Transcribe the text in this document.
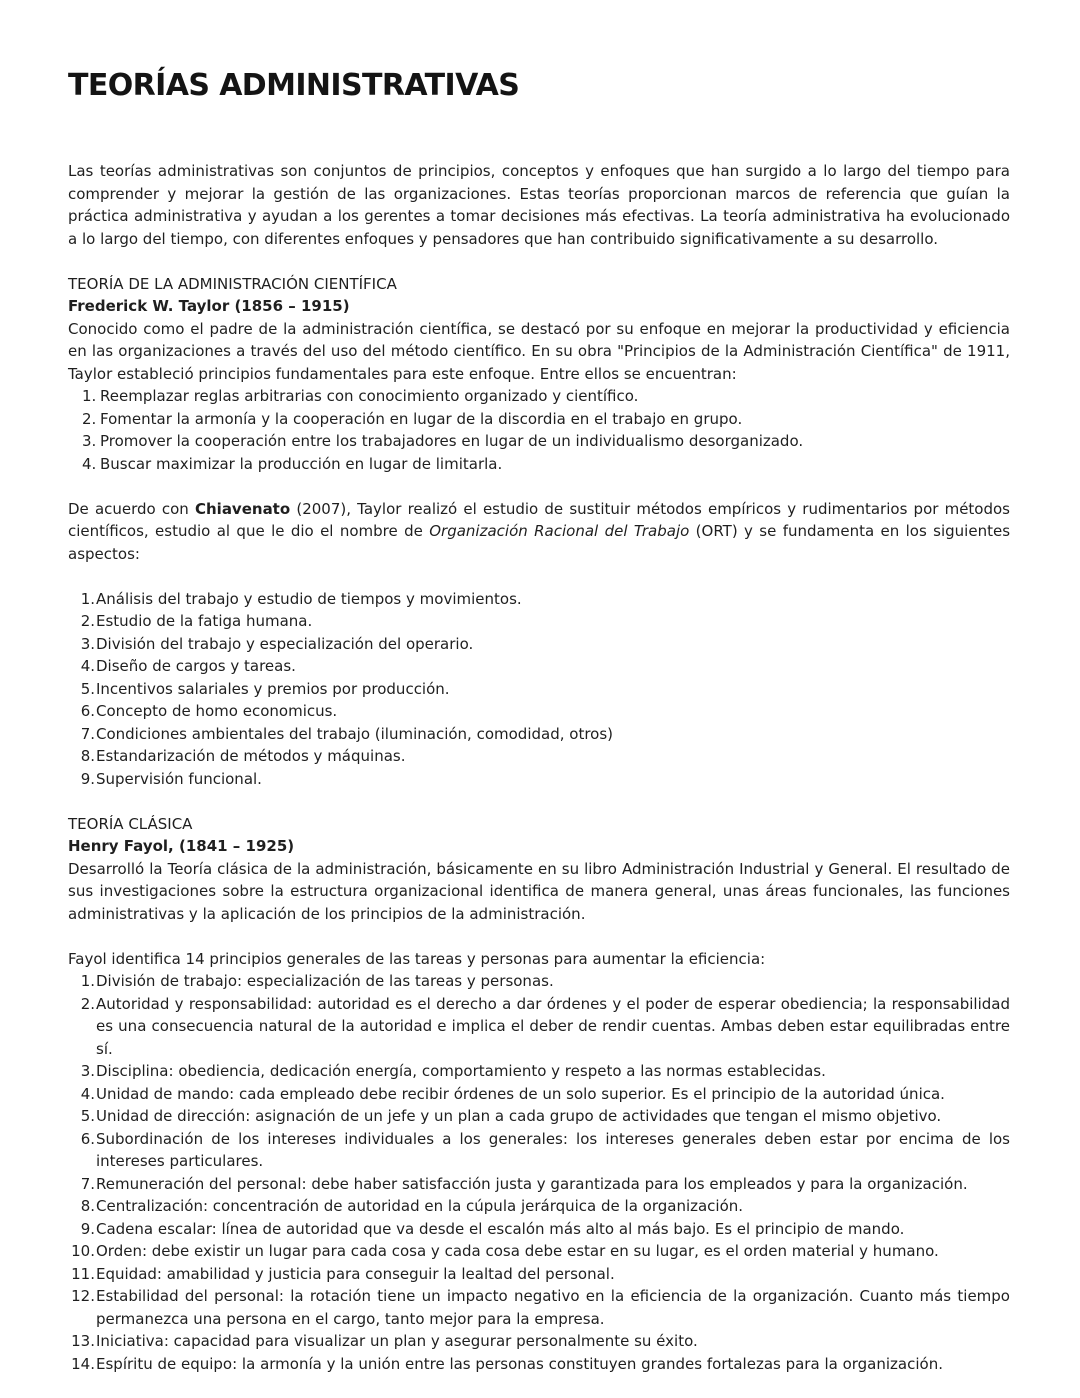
TEORÍAS ADMINISTRATIVAS

Las teorías administrativas son conjuntos de principios, conceptos y enfoques que han surgido a lo largo del tiempo para comprender y mejorar la gestión de las organizaciones. Estas teorías proporcionan marcos de referencia que guían la práctica administrativa y ayudan a los gerentes a tomar decisiones más efectivas. La teoría administrativa ha evolucionado a lo largo del tiempo, con diferentes enfoques y pensadores que han contribuido significativamente a su desarrollo.

TEORÍA DE LA ADMINISTRACIÓN CIENTÍFICA
Frederick W. Taylor (1856 – 1915)

Conocido como el padre de la administración científica, se destacó por su enfoque en mejorar la productividad y eficiencia en las organizaciones a través del uso del método científico. En su obra "Principios de la Administración Científica" de 1911, Taylor estableció principios fundamentales para este enfoque. Entre ellos se encuentran:

1. Reemplazar reglas arbitrarias con conocimiento organizado y científico.
2. Fomentar la armonía y la cooperación en lugar de la discordia en el trabajo en grupo.
3. Promover la cooperación entre los trabajadores en lugar de un individualismo desorganizado.
4. Buscar maximizar la producción en lugar de limitarla.

De acuerdo con Chiavenato (2007), Taylor realizó el estudio de sustituir métodos empíricos y rudimentarios por métodos científicos, estudio al que le dio el nombre de Organización Racional del Trabajo (ORT) y se fundamenta en los siguientes aspectos:

1. Análisis del trabajo y estudio de tiempos y movimientos.
2. Estudio de la fatiga humana.
3. División del trabajo y especialización del operario.
4. Diseño de cargos y tareas.
5. Incentivos salariales y premios por producción.
6. Concepto de homo economicus.
7. Condiciones ambientales del trabajo (iluminación, comodidad, otros)
8. Estandarización de métodos y máquinas.
9. Supervisión funcional.
TEORÍA CLÁSICA
Henry Fayol, (1841 – 1925)

Desarrolló la Teoría clásica de la administración, básicamente en su libro Administración Industrial y General. El resultado de sus investigaciones sobre la estructura organizacional identifica de manera general, unas áreas funcionales, las funciones administrativas y la aplicación de los principios de la administración.

Fayol identifica 14 principios generales de las tareas y personas para aumentar la eficiencia:

1. División de trabajo: especialización de las tareas y personas.
2. Autoridad y responsabilidad: autoridad es el derecho a dar órdenes y el poder de esperar obediencia; la responsabilidad es una consecuencia natural de la autoridad e implica el deber de rendir cuentas. Ambas deben estar equilibradas entre sí.
3. Disciplina: obediencia, dedicación energía, comportamiento y respeto a las normas establecidas.
4. Unidad de mando: cada empleado debe recibir órdenes de un solo superior. Es el principio de la autoridad única.
5. Unidad de dirección: asignación de un jefe y un plan a cada grupo de actividades que tengan el mismo objetivo.
6. Subordinación de los intereses individuales a los generales: los intereses generales deben estar por encima de los intereses particulares.
7. Remuneración del personal: debe haber satisfacción justa y garantizada para los empleados y para la organización.
8. Centralización: concentración de autoridad en la cúpula jerárquica de la organización.
9. Cadena escalar: línea de autoridad que va desde el escalón más alto al más bajo. Es el principio de mando.
10. Orden: debe existir un lugar para cada cosa y cada cosa debe estar en su lugar, es el orden material y humano.
11. Equidad: amabilidad y justicia para conseguir la lealtad del personal.
12. Estabilidad del personal: la rotación tiene un impacto negativo en la eficiencia de la organización. Cuanto más tiempo permanezca una persona en el cargo, tanto mejor para la empresa.
13. Iniciativa: capacidad para visualizar un plan y asegurar personalmente su éxito.
14. Espíritu de equipo: la armonía y la unión entre las personas constituyen grandes fortalezas para la organización.
